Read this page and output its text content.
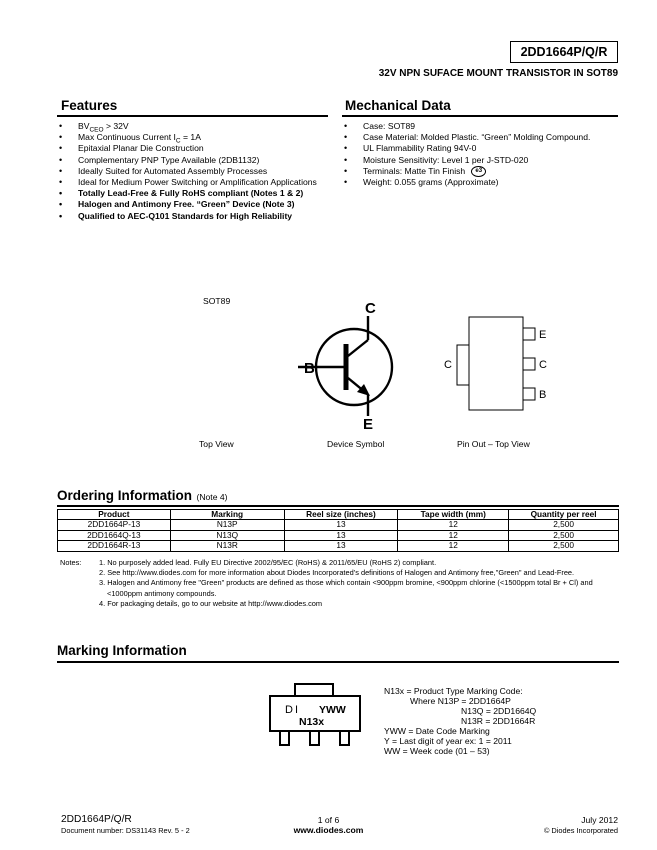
2DD1664P/Q/R
32V NPN SUFACE MOUNT TRANSISTOR IN SOT89
Features
• $BV_{CEO} > 32V$
• Max Continuous Current $I_C = 1A$
• Epitaxial Planar Die Construction
• Complementary PNP Type Available (2DB1132)
• Ideally Suited for Automated Assembly Processes
• Ideal for Medium Power Switching or Amplification Applications
• Totally Lead-Free & Fully RoHS compliant (Notes 1 & 2)
• Halogen and Antimony Free. “Green” Device (Note 3)
• Qualified to AEC-Q101 Standards for High Reliability
Mechanical Data
• Case: SOT89
• Case Material: Molded Plastic. “Green” Molding Compound.
• UL Flammability Rating 94V-0
• Moisture Sensitivity: Level 1 per J-STD-020
• Terminals: Matte Tin Finish e3
• Weight: 0.055 grams (Approximate)
SOT89	C
B
E
E
C
B
C
Top View	Device Symbol	Pin Out – Top View
Ordering Information (Note 4)
Product	Marking	Reel size (inches)	Tape width (mm)	Quantity per reel
2DD1664P-13	N13P	13	12	2,500
2DD1664Q-13	N13Q	13	12	2,500
2DD1664R-13	N13R	13	12	2,500
Notes: 1. No purposely added lead. Fully EU Directive 2002/95/EC (RoHS) & 2011/65/EU (RoHS 2) compliant.
2. See http://www.diodes.com for more information about Diodes Incorporated’s definitions of Halogen and Antimony free,"Green" and Lead-Free.
3. Halogen and Antimony free "Green" products are defined as those which contain <900ppm bromine, <900ppm chlorine (<1500ppm total Br + Cl) and
<1000ppm antimony compounds.
4. For packaging details, go to our website at http://www.diodes.com
Marking Information
DI YWW
N13x
N13x = Product Type Marking Code:
Where N13P = 2DD1664P
N13Q = 2DD1664Q
N13R = 2DD1664R
YWW = Date Code Marking
Y = Last digit of year ex: 1 = 2011
WW = Week code (01 – 53)
2DD1664P/Q/R
Document number: DS31143 Rev. 5 - 2
1 of 6
www.diodes.com
July 2012
© Diodes Incorporated
